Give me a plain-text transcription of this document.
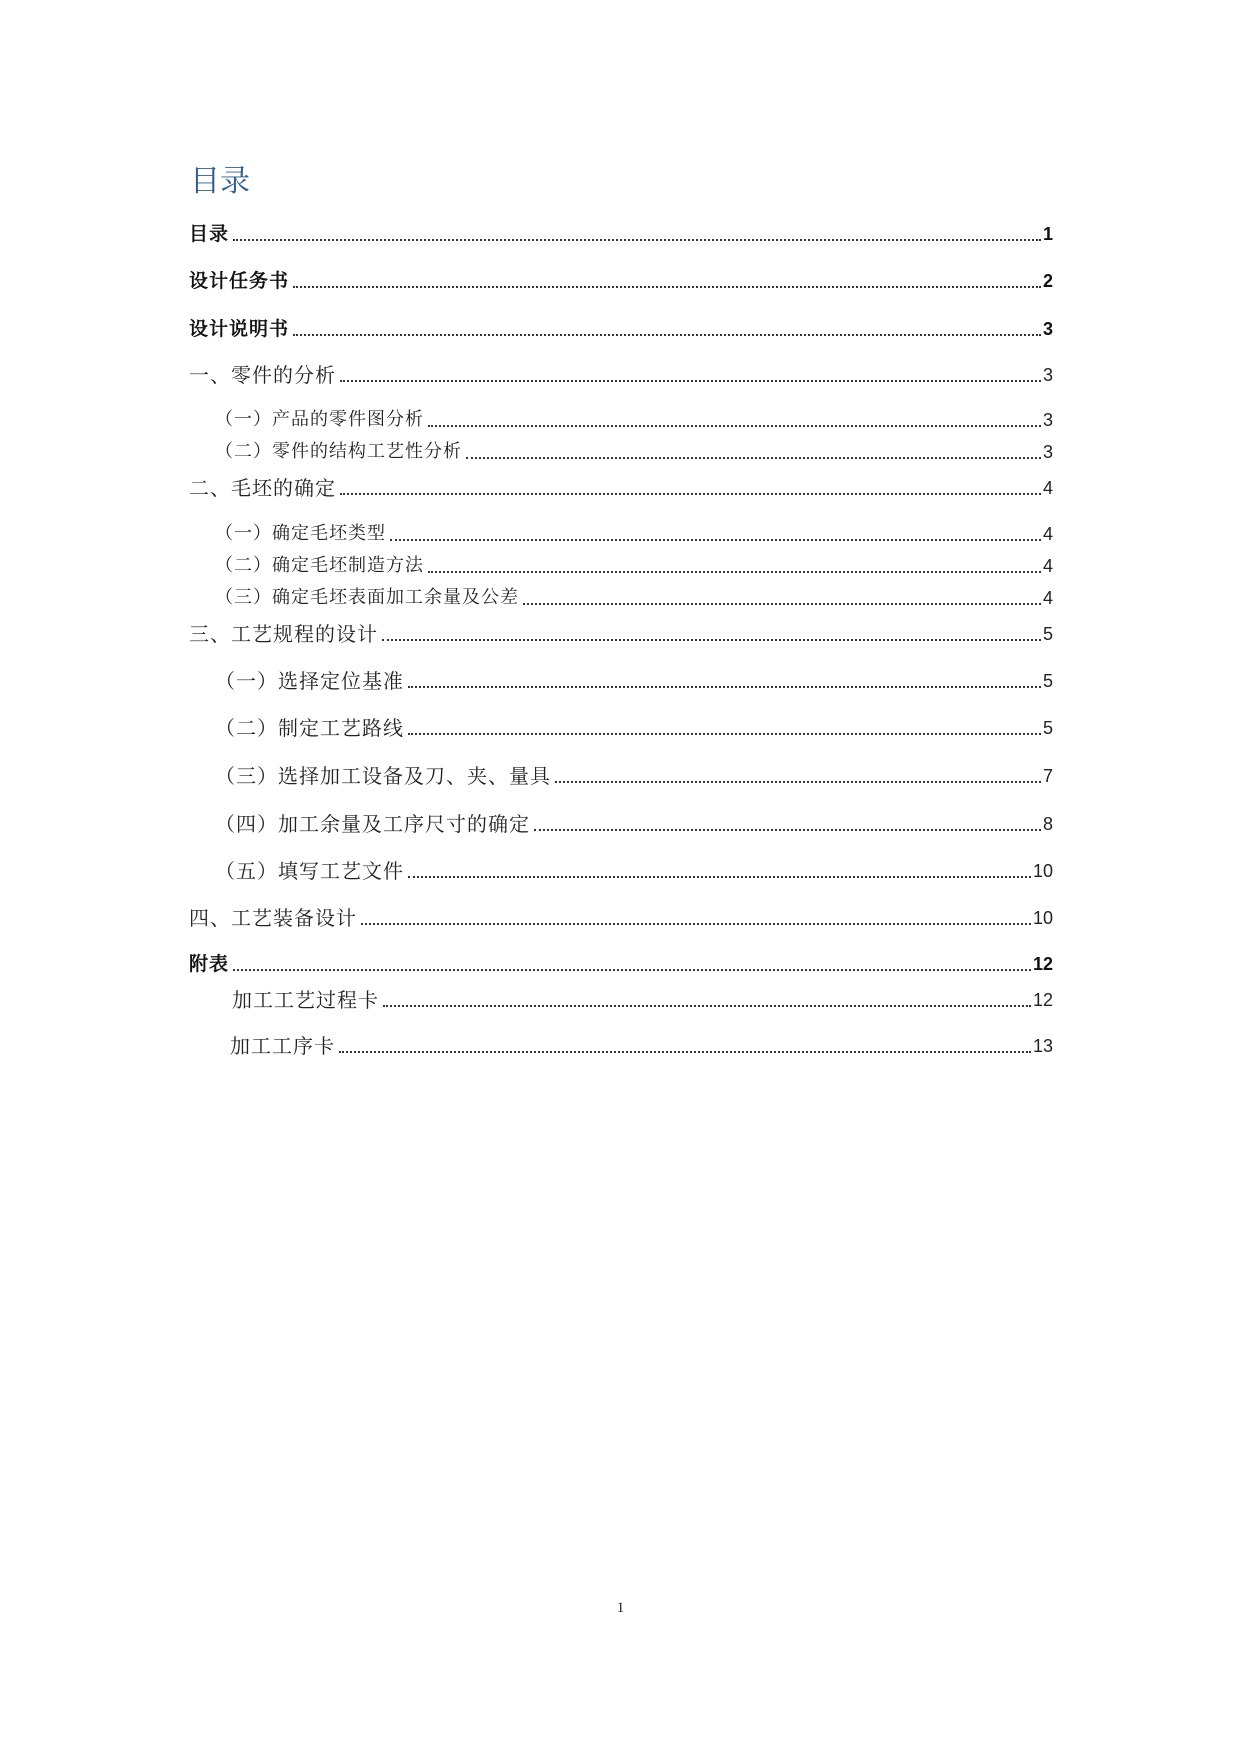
目录
目录	1
设计任务书	2
设计说明书	3
一、零件的分析	3
（一）产品的零件图分析	3
（二）零件的结构工艺性分析	3
二、毛坯的确定	4
（一）确定毛坯类型	4
（二）确定毛坯制造方法	4
（三）确定毛坯表面加工余量及公差	4
三、工艺规程的设计	5
（一）选择定位基准	5
（二）制定工艺路线	5
（三）选择加工设备及刀、夹、量具	7
（四）加工余量及工序尺寸的确定	8
（五）填写工艺文件	10
四、工艺装备设计	10
附表	12
加工工艺过程卡	12
加工工序卡	13
1
